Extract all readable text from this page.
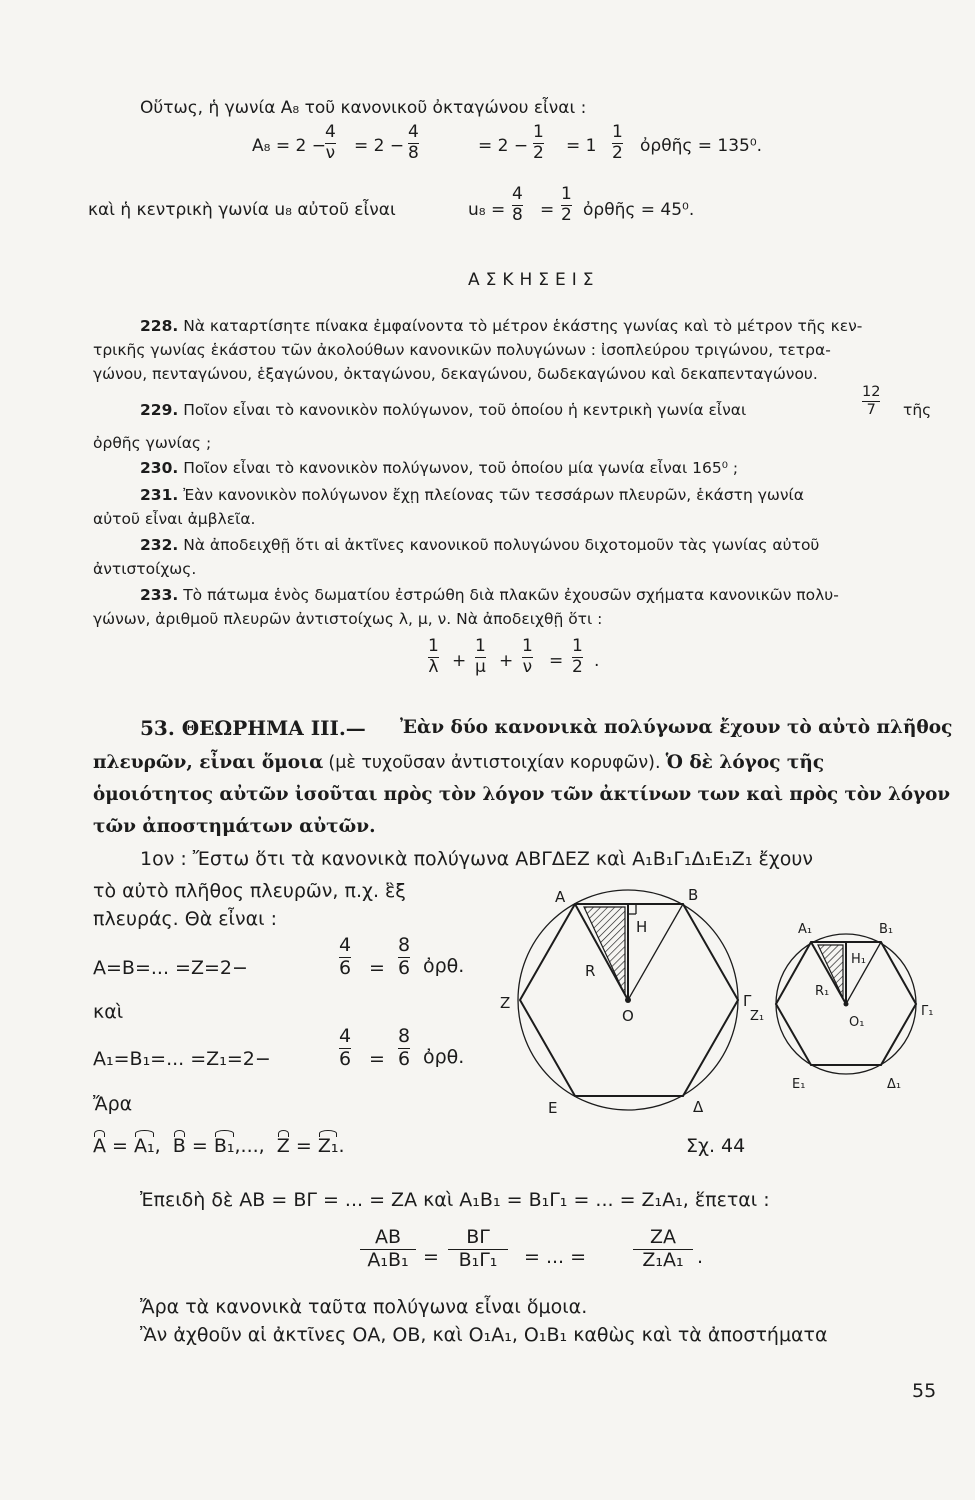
Οὕτως, ἡ γωνία A₈ τοῦ κανονικοῦ ὀκταγώνου εἶναι :
A₈ = 2 −
4
ν = 2 −
4
8	= 2 −
1
2 = 1
1
2 ὀρθῆς = 135⁰.
καὶ ἡ κεντρικὴ γωνία u₈ αὐτοῦ εἶναι	u₈ =
4
8 =
1
2 ὀρθῆς = 45⁰.
ΑΣΚΗΣΕΙΣ
228. Νὰ καταρτίσητε πίνακα ἐμφαίνοντα τὸ μέτρον ἑκάστης γωνίας καὶ τὸ μέτρον τῆς κεν-
τρικῆς γωνίας ἑκάστου τῶν ἀκολούθων κανονικῶν πολυγώνων : ἰσοπλεύρου τριγώνου, τετρα-
γώνου, πενταγώνου, ἑξαγώνου, ὀκταγώνου, δεκαγώνου, δωδεκαγώνου καὶ δεκαπενταγώνου.
229. Ποῖον εἶναι τὸ κανονικὸν πολύγωνον, τοῦ ὁποίου ἡ κεντρικὴ γωνία εἶναι
12
7 τῆς
ὀρθῆς γωνίας ;
230. Ποῖον εἶναι τὸ κανονικὸν πολύγωνον, τοῦ ὁποίου μία γωνία εἶναι 165⁰ ;
231. Ἐὰν κανονικὸν πολύγωνον ἔχῃ πλείονας τῶν τεσσάρων πλευρῶν, ἑκάστη γωνία
αὐτοῦ εἶναι ἀμβλεῖα.
232. Νὰ ἀποδειχθῇ ὅτι αἱ ἀκτῖνες κανονικοῦ πολυγώνου διχοτομοῦν τὰς γωνίας αὐτοῦ
ἀντιστοίχως.
233. Τὸ πάτωμα ἑνὸς δωματίου ἐστρώθη διὰ πλακῶν ἐχουσῶν σχήματα κανονικῶν πολυ-
γώνων, ἀριθμοῦ πλευρῶν ἀντιστοίχως λ, μ, ν. Νὰ ἀποδειχθῇ ὅτι :
1
λ +
1
μ +
1
ν =
1
2 .
53. ΘΕΩΡΗΜΑ III.— Ἐὰν δύο κανονικὰ πολύγωνα ἔχουν τὸ αὐτὸ πλῆθος
πλευρῶν, εἶναι ὅμοια (μὲ τυχοῦσαν ἀντιστοιχίαν κορυφῶν). Ὁ δὲ λόγος τῆς
ὁμοιότητος αὐτῶν ἰσοῦται πρὸς τὸν λόγον τῶν ἀκτίνων των καὶ πρὸς τὸν λόγον
τῶν ἀποστημάτων αὐτῶν.
1ον : Ἔστω ὅτι τὰ κανονικὰ πολύγωνα ΑΒΓΔΕΖ καὶ Α₁Β₁Γ₁Δ₁Ε₁Ζ₁ ἔχουν
τὸ αὐτὸ πλῆθος πλευρῶν, π.χ. ἓξ
πλευράς. Θὰ εἶναι :
Α=Β=... =Ζ=2−
4
6 =
8
6 ὀρθ.
καὶ
Α₁=Β₁=... =Ζ₁=2−
4
6 =
8
6 ὀρθ.
Ἄρα
Α = Α₁, Β = Β₁,..., Ζ = Ζ₁.	Σχ. 44
Ἐπειδὴ δὲ ΑΒ = ΒΓ = ... = ΖΑ καὶ Α₁Β₁ = Β₁Γ₁ = ... = Ζ₁Α₁, ἕπεται :
ΑΒ
Α₁Β₁ =
ΒΓ
Β₁Γ₁	= ... =
ΖΑ
Ζ₁Α₁ .
Ἄρα τὰ κανονικὰ ταῦτα πολύγωνα εἶναι ὅμοια.
Ἂν ἀχθοῦν αἱ ἀκτῖνες ΟΑ, ΟΒ, καὶ Ο₁Α₁, Ο₁Β₁ καθὼς καὶ τὰ ἀποστήματα
55
A	B
Γ
Δ
E
Z
O
H
R
A₁	B₁
Γ₁
Δ₁
E₁
Z₁	O₁
H₁
R₁
